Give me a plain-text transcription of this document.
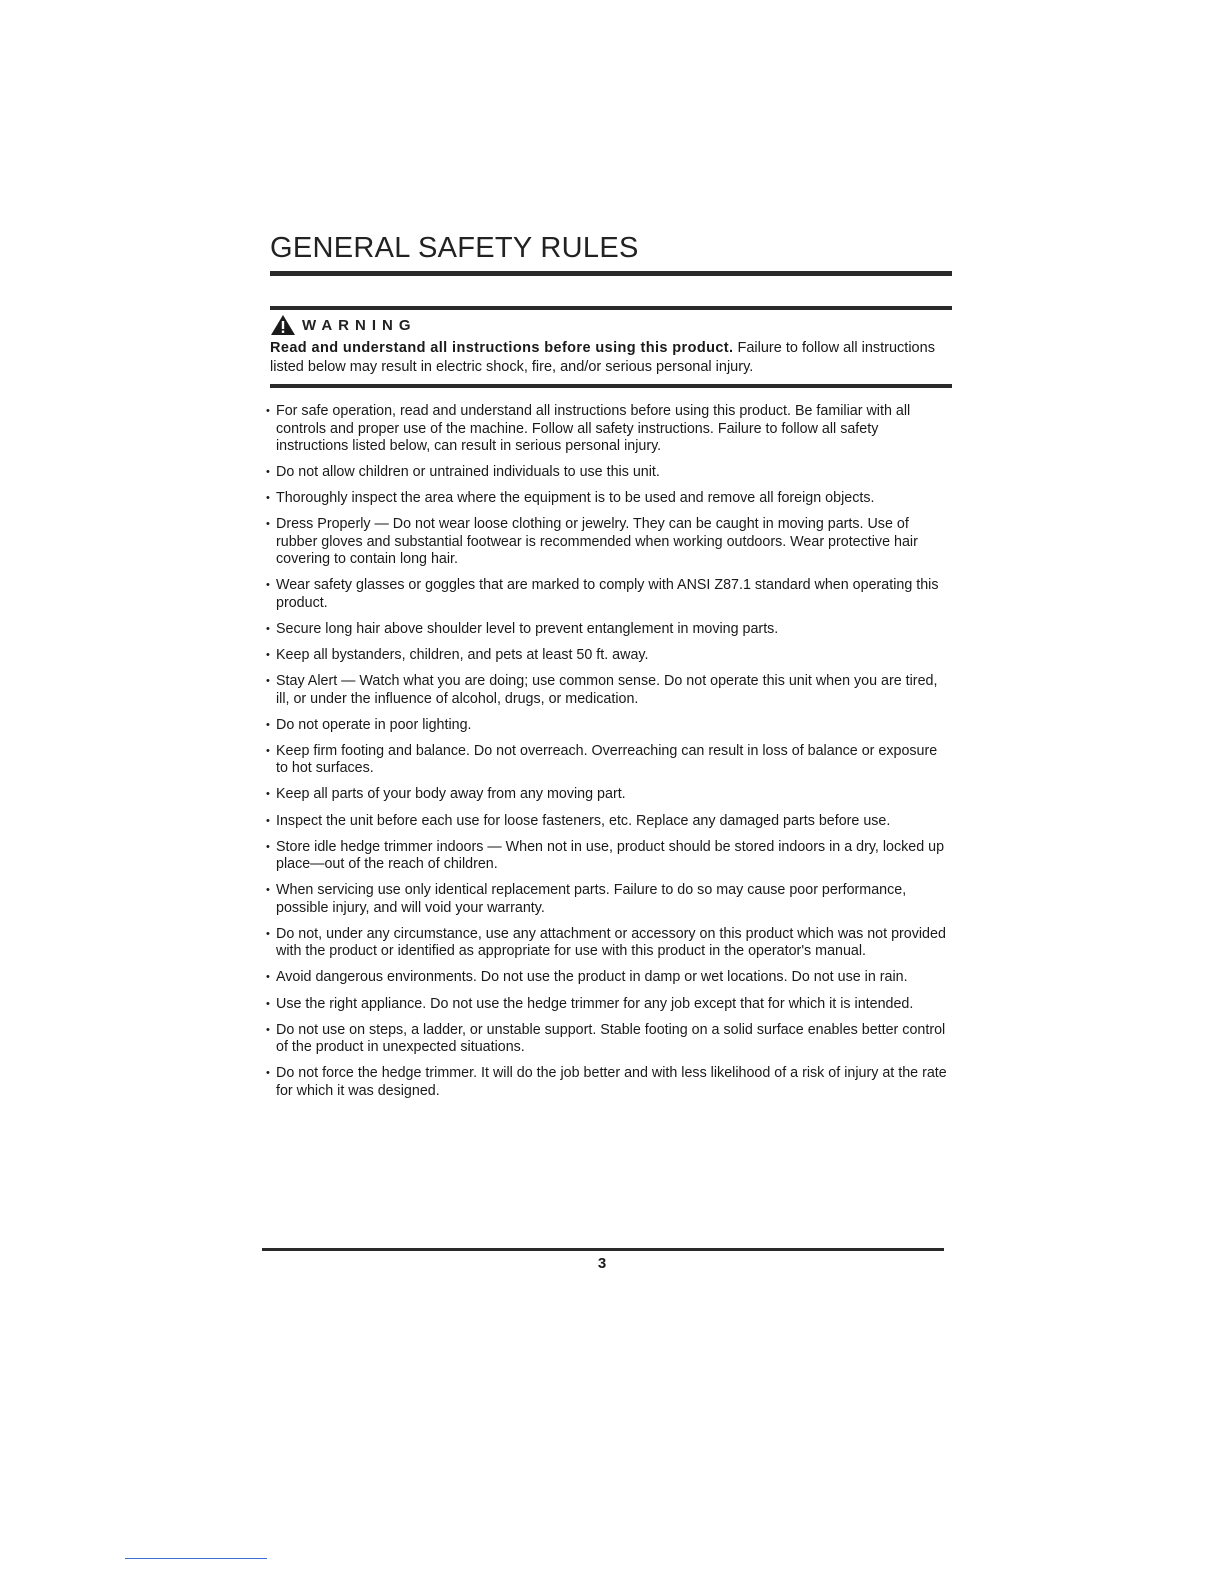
GENERAL SAFETY RULES
WARNING
Read and understand all instructions before using this product. Failure to follow all instructions listed below may result in electric shock, fire, and/or serious personal injury.
• For safe operation, read and understand all instructions before using this product. Be familiar with all controls and proper use of the machine. Follow all safety instructions. Failure to follow all safety instructions listed below, can result in serious personal injury.
• Do not allow children or untrained individuals to use this unit.
• Thoroughly inspect the area where the equipment is to be used and remove all foreign objects.
• Dress Properly — Do not wear loose clothing or jewelry. They can be caught in moving parts. Use of rubber gloves and substantial footwear is recommended when working outdoors. Wear protective hair covering to contain long hair.
• Wear safety glasses or goggles that are marked to comply with ANSI Z87.1 standard when operating this product.
• Secure long hair above shoulder level to prevent entanglement in moving parts.
• Keep all bystanders, children, and pets at least 50 ft. away.
• Stay Alert — Watch what you are doing; use common sense. Do not operate this unit when you are tired, ill, or under the influence of alcohol, drugs, or medication.
• Do not operate in poor lighting.
• Keep firm footing and balance. Do not overreach. Overreaching can result in loss of balance or exposure to hot surfaces.
• Keep all parts of your body away from any moving part.
• Inspect the unit before each use for loose fasteners, etc. Replace any damaged parts before use.
• Store idle hedge trimmer indoors — When not in use, product should be stored indoors in a dry, locked up place—out of the reach of children.
• When servicing use only identical replacement parts. Failure to do so may cause poor performance, possible injury, and will void your warranty.
• Do not, under any circumstance, use any attachment or accessory on this product which was not provided with the product or identified as appropriate for use with this product in the operator's manual.
• Avoid dangerous environments. Do not use the product in damp or wet locations. Do not use in rain.
• Use the right appliance. Do not use the hedge trimmer for any job except that for which it is intended.
• Do not use on steps, a ladder, or unstable support. Stable footing on a solid surface enables better control of the product in unexpected situations.
• Do not force the hedge trimmer. It will do the job better and with less likelihood of a risk of injury at the rate for which it was designed.
3
